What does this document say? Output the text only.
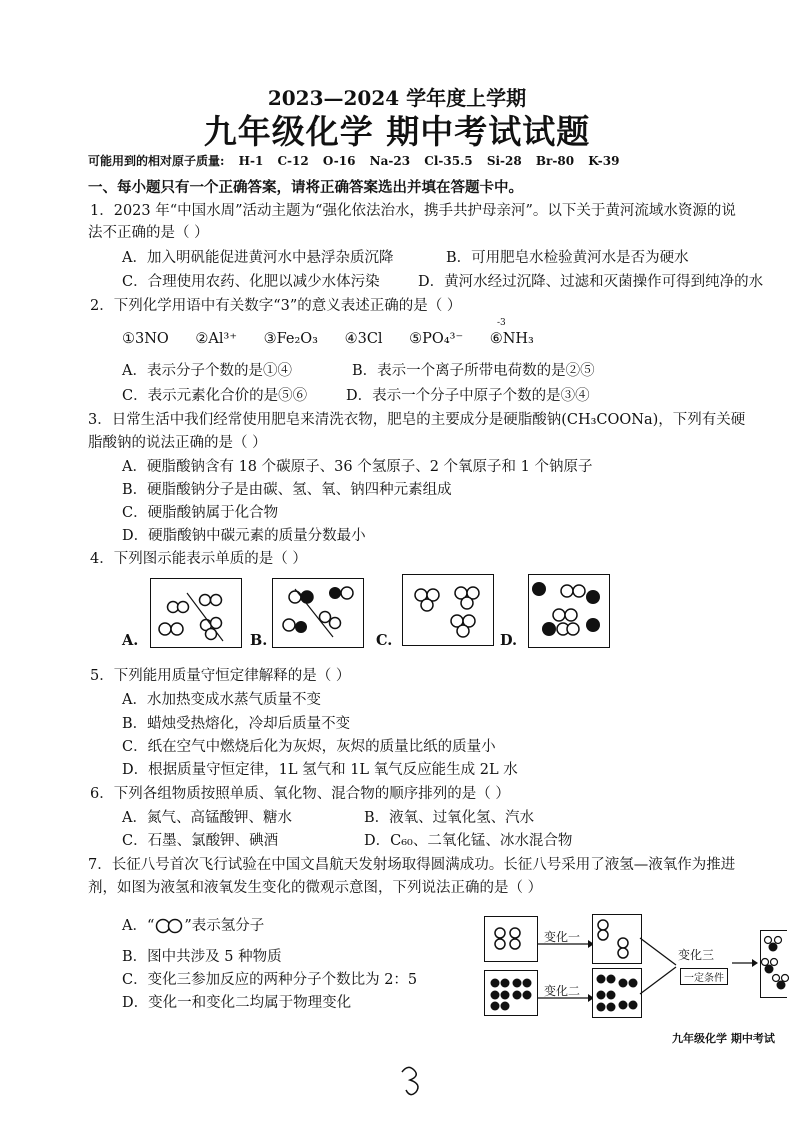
2023—2024 学年度上学期
九年级化学 期中考试试题
可能用到的相对原子质量: H-1 C-12 O-16 Na-23 Cl-35.5 Si-28 Br-80 K-39
一、每小题只有一个正确答案，请将正确答案选出并填在答题卡中。
1．2023 年“中国水周”活动主题为“强化依法治水，携手共护母亲河”。以下关于黄河流域水资源的说
法不正确的是（ ）
A．加入明矾能促进黄河水中悬浮杂质沉降	B．可用肥皂水检验黄河水是否为硬水
C．合理使用农药、化肥以减少水体污染	D．黄河水经过沉降、过滤和灭菌操作可得到纯净的水
2．下列化学用语中有关数字“3”的意义表述正确的是（ ）
①3NO ②Al³⁺ ③Fe₂O₃ ④3Cl ⑤PO₄³⁻ ⑥NH₃
-3
A．表示分子个数的是①④	B．表示一个离子所带电荷数的是②⑤
C．表示元素化合价的是⑤⑥	D．表示一个分子中原子个数的是③④
3．日常生活中我们经常使用肥皂来清洗衣物，肥皂的主要成分是硬脂酸钠(CH₃COONa)，下列有关硬
脂酸钠的说法正确的是（ ）
A．硬脂酸钠含有 18 个碳原子、36 个氢原子、2 个氧原子和 1 个钠原子
B．硬脂酸钠分子是由碳、氢、氧、钠四种元素组成
C．硬脂酸钠属于化合物
D．硬脂酸钠中碳元素的质量分数最小
4．下列图示能表示单质的是（ ）
A.	B.	C.	D.
5．下列能用质量守恒定律解释的是（ ）
A．水加热变成水蒸气质量不变
B．蜡烛受热熔化，冷却后质量不变
C．纸在空气中燃烧后化为灰烬，灰烬的质量比纸的质量小
D．根据质量守恒定律，1L 氢气和 1L 氧气反应能生成 2L 水
6．下列各组物质按照单质、氧化物、混合物的顺序排列的是（ ）
A．氮气、高锰酸钾、糖水	B．液氧、过氧化氢、汽水
C．石墨、氯酸钾、碘酒	D．C₆₀、二氧化锰、冰水混合物
7．长征八号首次飞行试验在中国文昌航天发射场取得圆满成功。长征八号采用了液氢—液氧作为推进
剂，如图为液氢和液氧发生变化的微观示意图，下列说法正确的是（ ）
A．“ ”表示氢分子
B．图中共涉及 5 种物质
C．变化三参加反应的两种分子个数比为 2：5
D．变化一和变化二均属于物理变化
变化一
变化二
变化三
一定条件
九年级化学 期中考试
